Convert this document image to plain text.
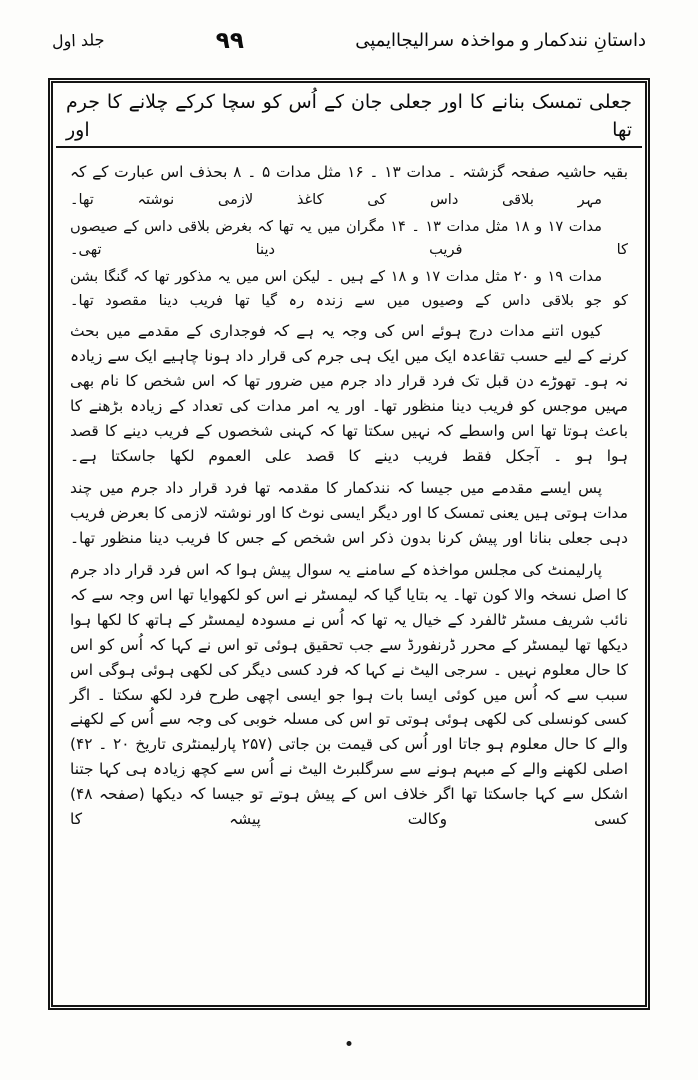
داستانِ نندکمار و مواخذہ سرالیجاایمپی
٩٩
جلد اول
جعلی تمسک بنانے کا اور جعلی جان کے اُس کو سچا کرکے چلانے کا جرم تھا اور

بقیہ حاشیہ صفحہ گزشتہ ۔ مدات ۱۳ ۔ ۱۶ مثل مدات ۵ ۔ ۸ بحذف اس عبارت کے کہ

مہر بلاقی داس کی کاغذ لازمی نوشتہ تھا۔

مدات ۱۷ و ۱۸ مثل مدات ۱۳ ۔ ۱۴ مگران میں یہ تھا کہ بغرض بلاقی داس کے صیصوں کا فریب دینا تھی۔

مدات ۱۹ و ۲۰ مثل مدات ۱۷ و ۱۸ کے ہیں ۔ لیکن اس میں یہ مذکور تھا کہ گنگا بشن کو جو بلاقی داس کے وصیوں میں سے زندہ رہ گیا تھا فریب دینا مقصود تھا۔

کیوں اتنے مدات درج ہوئے اس کی وجہ یہ ہے کہ فوجداری کے مقدمے میں بحث کرنے کے لیے حسب تقاعدہ ایک میں ایک ہی جرم کی قرار داد ہونا چاہیے ایک سے زیادہ نہ ہو۔ تھوڑے دن قبل تک فرد قرار داد جرم میں ضرور تھا کہ اس شخص کا نام بھی مہیں موجس کو فریب دینا منظور تھا۔ اور یہ امر مدات کی تعداد کے زیادہ بڑھنے کا باعث ہوتا تھا اس واسطے کہ نہیں سکتا تھا کہ کہنی شخصوں کے فریب دینے کا قصد ہوا ہو ۔ آجکل فقط فریب دینے کا قصد علی العموم لکھا جاسکتا ہے۔

پس ایسے مقدمے میں جیسا کہ نندکمار کا مقدمہ تھا فرد قرار داد جرم میں چند مدات ہوتی ہیں یعنی تمسک کا اور دیگر ایسی نوٹ کا اور نوشتہ لازمی کا بعرض فریب دہی جعلی بنانا اور پیش کرنا بدون ذکر اس شخص کے جس کا فریب دینا منظور تھا۔

پارلیمنٹ کی مجلس مواخذہ کے سامنے یہ سوال پیش ہوا کہ اس فرد قرار داد جرم کا اصل نسخہ والا کون تھا۔ یہ بتایا گیا کہ لیمسٹر نے اس کو لکھوایا تھا اس وجہ سے کہ نائب شریف مسٹر ٹالفرد کے خیال یہ تھا کہ اُس نے مسودہ لیمسٹر کے ہاتھ کا لکھا ہوا دیکھا تھا لیمسٹر کے محرر ڈرنفورڈ سے جب تحقیق ہوئی تو اس نے کہا کہ اُس کو اس کا حال معلوم نہیں ۔ سرجی الیٹ نے کہا کہ فرد کسی دیگر کی لکھی ہوئی ہوگی اس سبب سے کہ اُس میں کوئی ایسا بات ہوا جو ایسی اچھی طرح فرد لکھ سکتا ۔ اگر کسی کونسلی کی لکھی ہوئی ہوتی تو اس کی مسلہ خوبی کی وجہ سے اُس کے لکھنے والے کا حال معلوم ہو جاتا اور اُس کی قیمت بن جاتی (۲۵۷ پارلیمنٹری تاریخ ۲۰ ۔ ۴۲) اصلی لکھنے والے کے مبہم ہونے سے سرگلبرٹ الیٹ نے اُس سے کچھ زیادہ ہی کہا جتنا اشکل سے کہا جاسکتا تھا اگر خلاف اس کے پیش ہوتے تو جیسا کہ دیکھا (صفحہ ۴۸) کسی وکالت پیشہ کا
